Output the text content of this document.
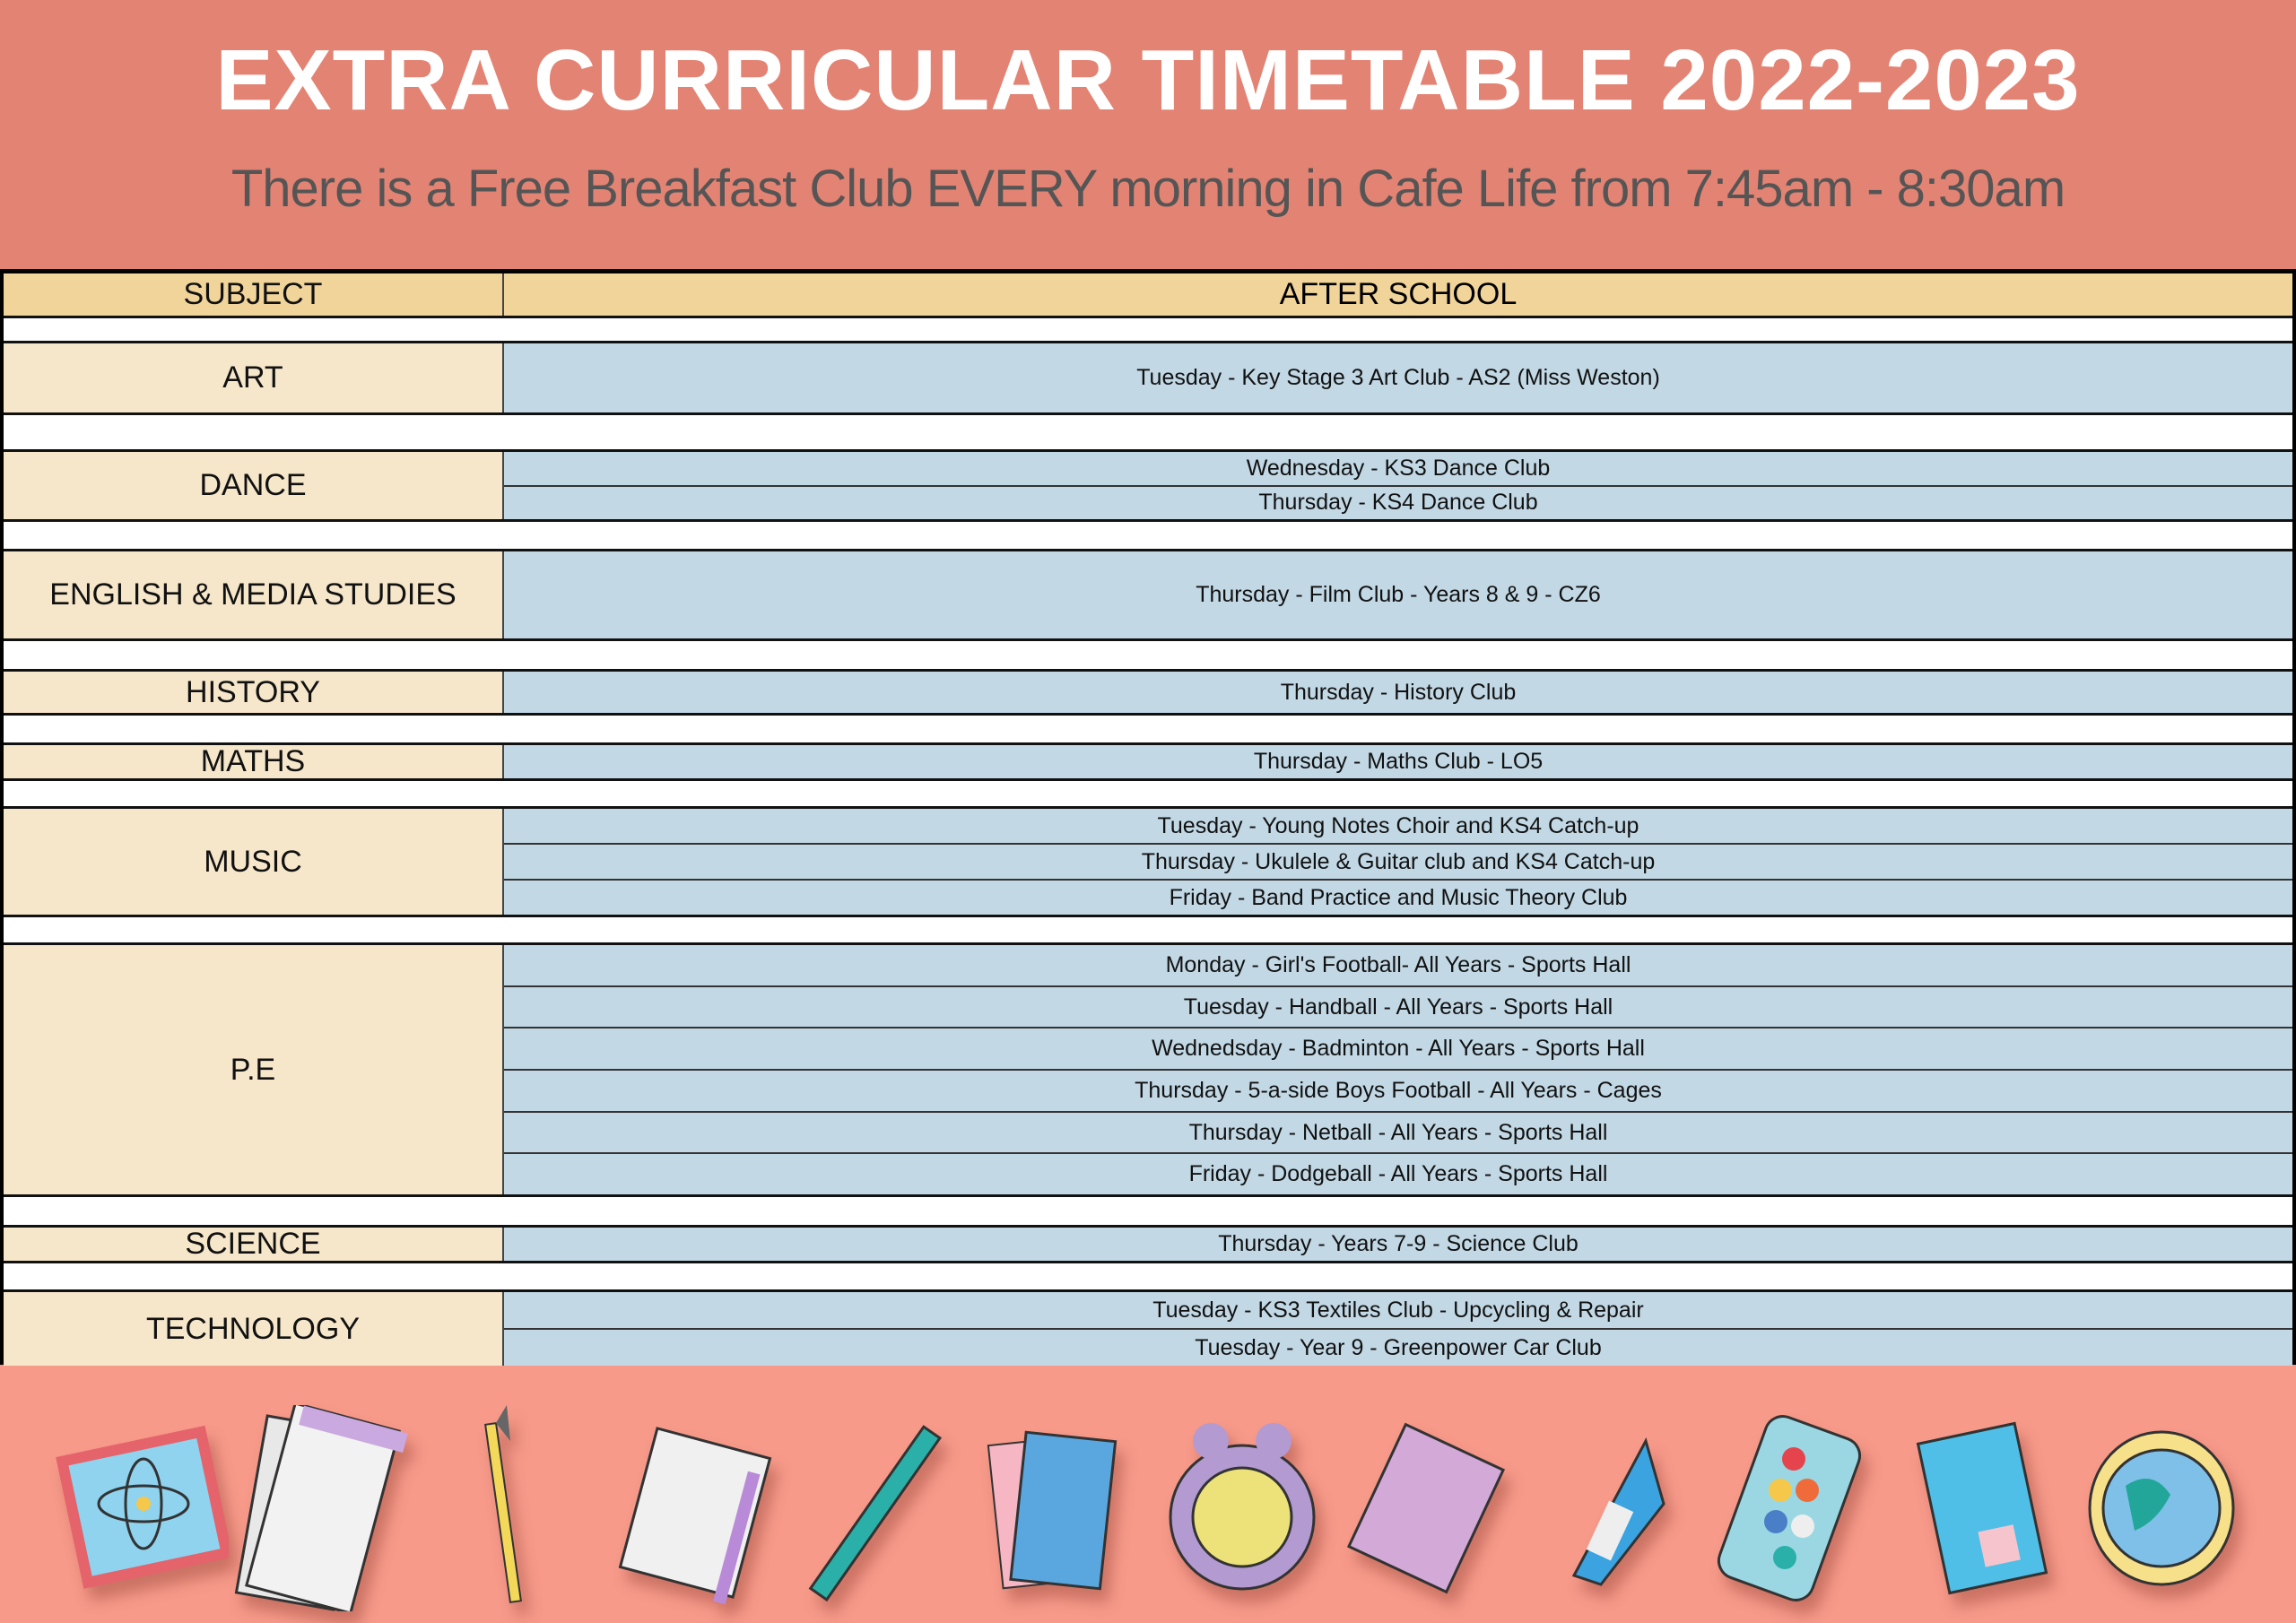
EXTRA CURRICULAR TIMETABLE 2022-2023
There is a Free Breakfast Club EVERY morning in Cafe Life from 7:45am - 8:30am
SUBJECT	AFTER SCHOOL
ART	Tuesday - Key Stage 3 Art Club - AS2 (Miss Weston)
DANCE
Wednesday - KS3 Dance Club
Thursday - KS4 Dance Club
ENGLISH & MEDIA STUDIES	Thursday - Film Club - Years 8 & 9 - CZ6
HISTORY	Thursday - History Club
MATHS	Thursday - Maths Club - LO5
MUSIC
Tuesday - Young Notes Choir and KS4 Catch-up
Thursday - Ukulele & Guitar club and KS4 Catch-up
Friday - Band Practice and Music Theory Club
P.E
Monday - Girl's Football- All Years - Sports Hall
Tuesday - Handball - All Years - Sports Hall
Wednedsday - Badminton - All Years - Sports Hall
Thursday - 5-a-side Boys Football - All Years - Cages
Thursday - Netball - All Years - Sports Hall
Friday - Dodgeball - All Years - Sports Hall
SCIENCE	Thursday - Years 7-9 - Science Club
TECHNOLOGY
Tuesday - KS3 Textiles Club - Upcycling & Repair
Tuesday - Year 9 - Greenpower Car Club
